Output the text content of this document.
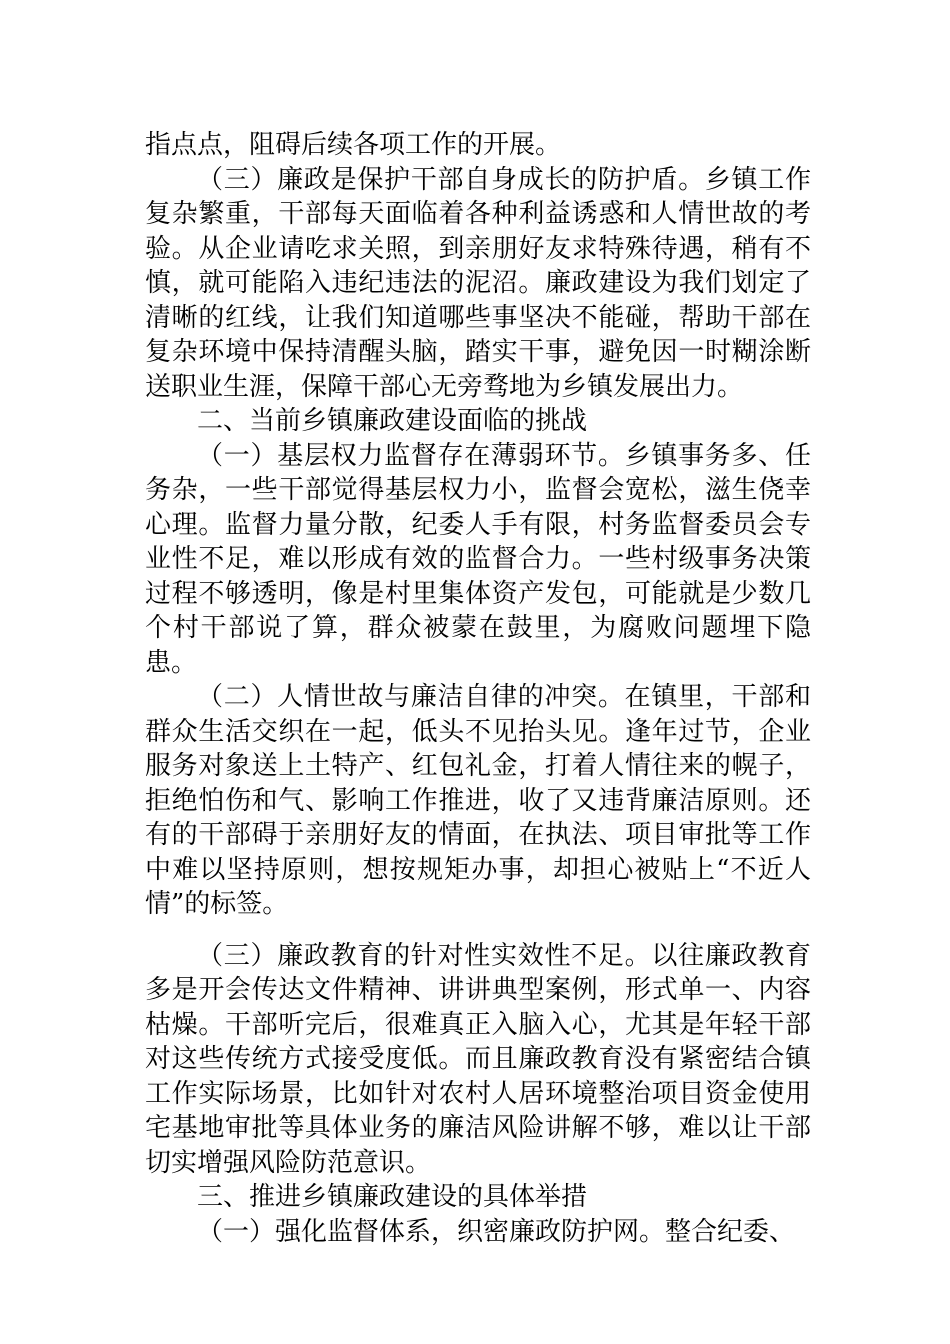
指点点，阻碍后续各项工作的开展。

（三）廉政是保护干部自身成长的防护盾。乡镇工作复杂繁重，干部每天面临着各种利益诱惑和人情世故的考验。从企业请吃求关照，到亲朋好友求特殊待遇，稍有不慎，就可能陷入违纪违法的泥沼。廉政建设为我们划定了清晰的红线，让我们知道哪些事坚决不能碰，帮助干部在复杂环境中保持清醒头脑，踏实干事，避免因一时糊涂断送职业生涯，保障干部心无旁骛地为乡镇发展出力。

二、当前乡镇廉政建设面临的挑战

（一）基层权力监督存在薄弱环节。乡镇事务多、任务杂，一些干部觉得基层权力小，监督会宽松，滋生侥幸心理。监督力量分散，纪委人手有限，村务监督委员会专业性不足，难以形成有效的监督合力。一些村级事务决策过程不够透明，像是村里集体资产发包，可能就是少数几个村干部说了算，群众被蒙在鼓里，为腐败问题埋下隐患。

（二）人情世故与廉洁自律的冲突。在镇里，干部和群众生活交织在一起，低头不见抬头见。逢年过节，企业服务对象送上土特产、红包礼金，打着人情往来的幌子，拒绝怕伤和气、影响工作推进，收了又违背廉洁原则。还有的干部碍于亲朋好友的情面，在执法、项目审批等工作中难以坚持原则，想按规矩办事，却担心被贴上“不近人情”的标签。

（三）廉政教育的针对性实效性不足。以往廉政教育多是开会传达文件精神、讲讲典型案例，形式单一、内容枯燥。干部听完后，很难真正入脑入心，尤其是年轻干部对这些传统方式接受度低。而且廉政教育没有紧密结合镇工作实际场景，比如针对农村人居环境整治项目资金使用宅基地审批等具体业务的廉洁风险讲解不够，难以让干部切实增强风险防范意识。

三、推进乡镇廉政建设的具体举措

（一）强化监督体系，织密廉政防护网。整合纪委、
